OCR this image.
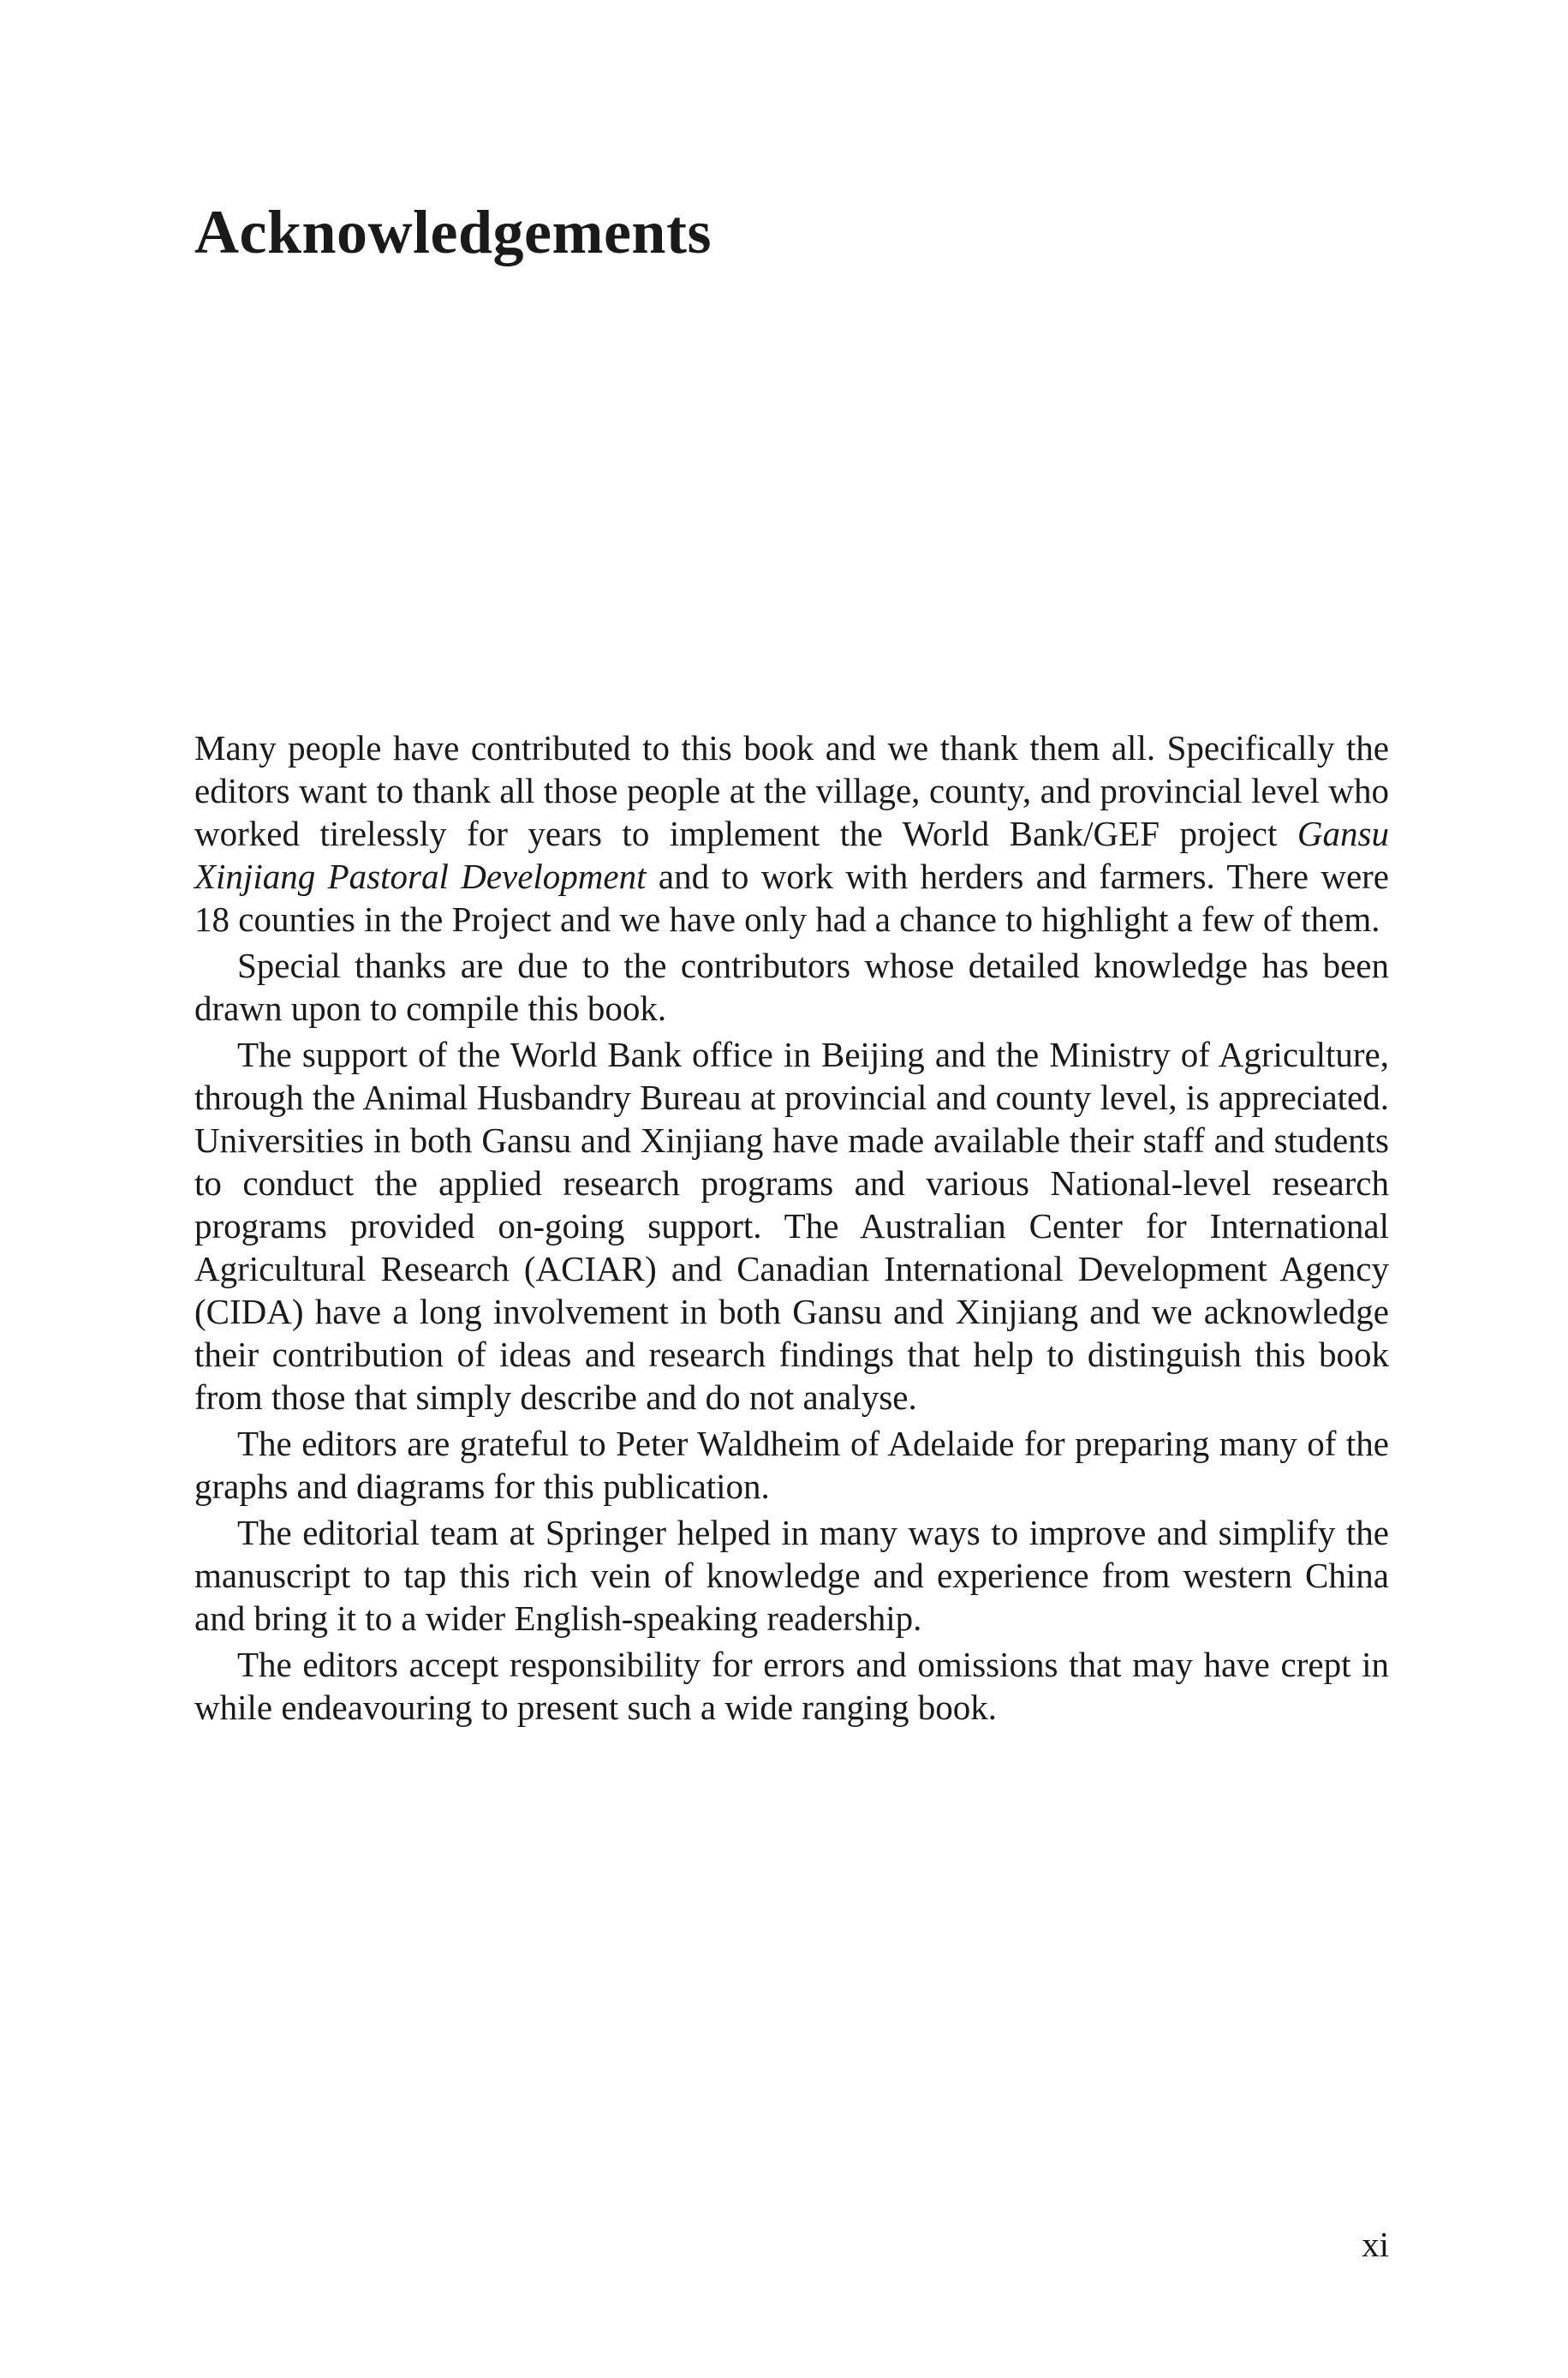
Acknowledgements

Many people have contributed to this book and we thank them all. Specifically the editors want to thank all those people at the village, county, and provincial level who worked tirelessly for years to implement the World Bank/GEF project Gansu Xinjiang Pastoral Development and to work with herders and farmers. There were 18 counties in the Project and we have only had a chance to highlight a few of them.

Special thanks are due to the contributors whose detailed knowledge has been drawn upon to compile this book.

The support of the World Bank office in Beijing and the Ministry of Agriculture, through the Animal Husbandry Bureau at provincial and county level, is appreciated. Universities in both Gansu and Xinjiang have made available their staff and students to conduct the applied research programs and various National-level research programs provided on-going support. The Australian Center for International Agricultural Research (ACIAR) and Canadian International Development Agency (CIDA) have a long involvement in both Gansu and Xinjiang and we acknowledge their contribution of ideas and research findings that help to distinguish this book from those that simply describe and do not analyse.

The editors are grateful to Peter Waldheim of Adelaide for preparing many of the graphs and diagrams for this publication.

The editorial team at Springer helped in many ways to improve and simplify the manuscript to tap this rich vein of knowledge and experience from western China and bring it to a wider English-speaking readership.

The editors accept responsibility for errors and omissions that may have crept in while endeavouring to present such a wide ranging book.

xi
